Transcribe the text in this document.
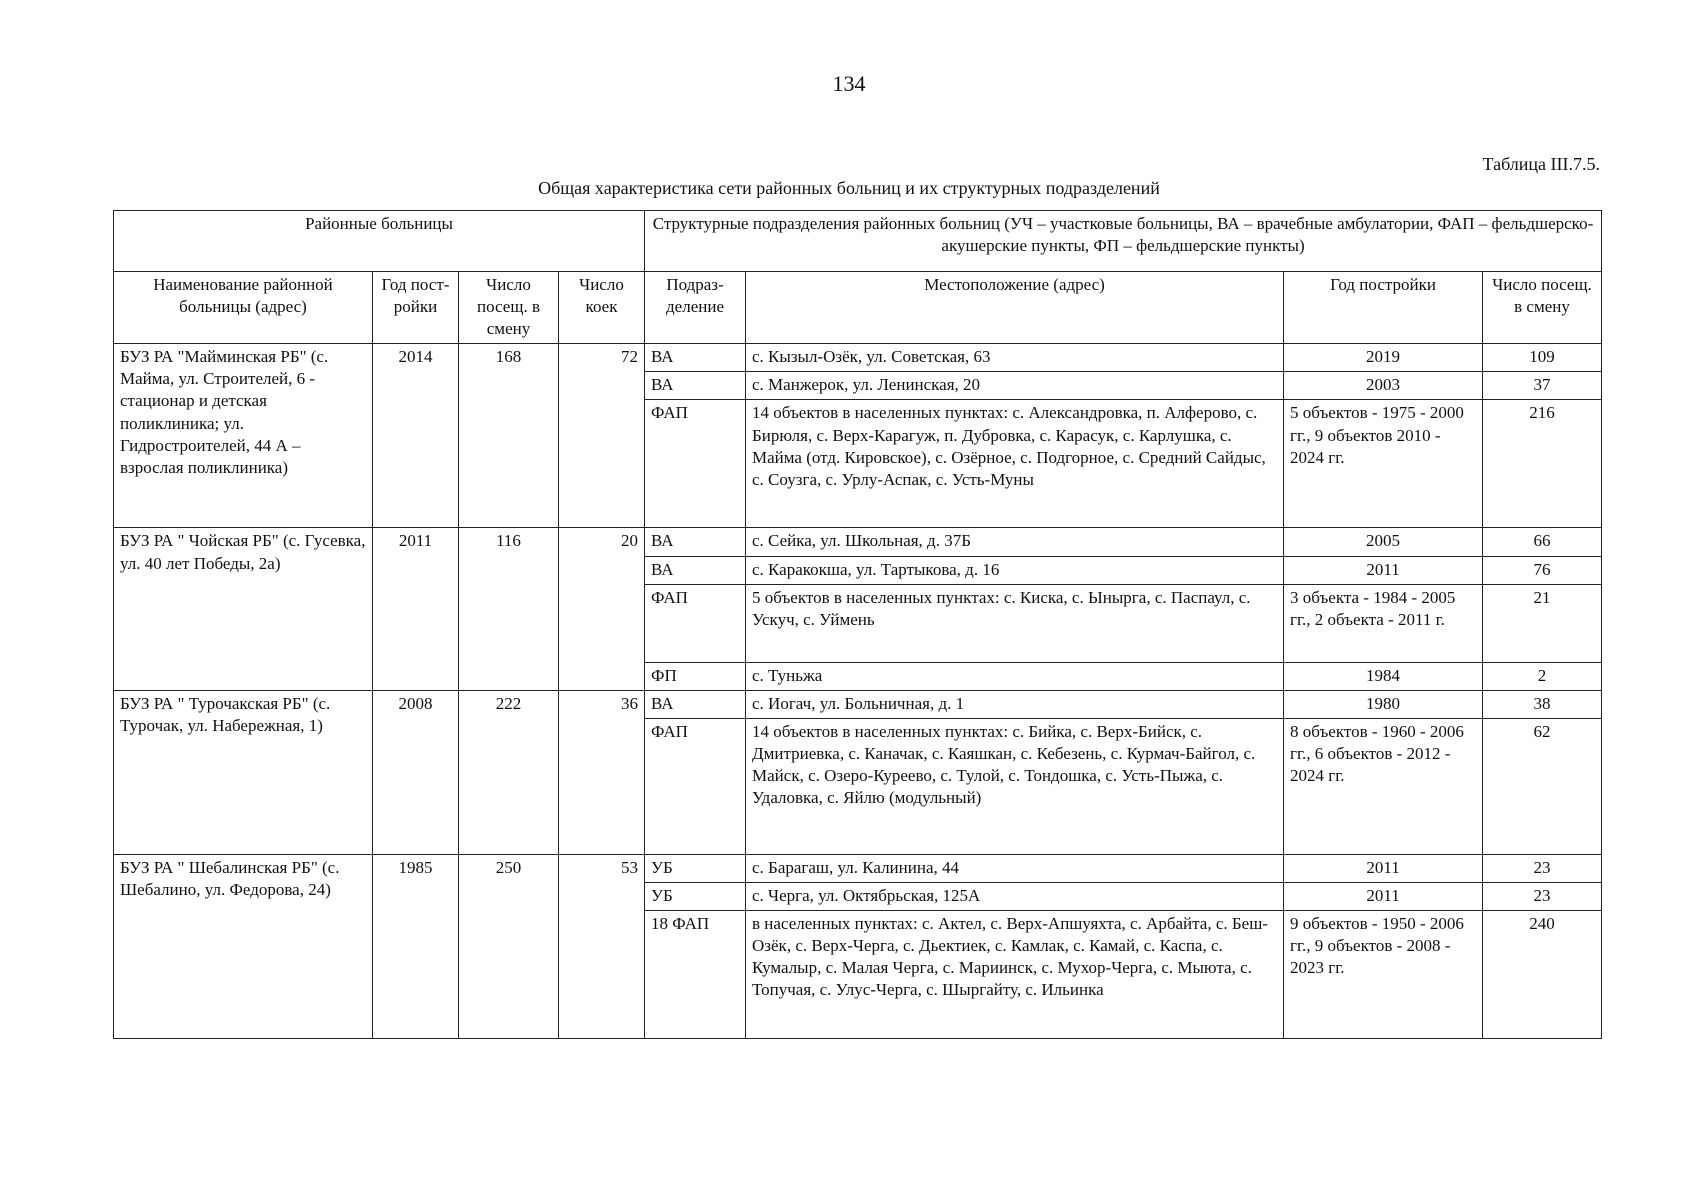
134
Таблица III.7.5.
Общая характеристика сети районных больниц и их структурных подразделений
Районные больницы				Структурные подразделения районных больниц (УЧ – участковые больницы, ВА – врачебные амбулатории, ФАП – фельдшерско-акушерские пункты, ФП – фельдшерские пункты)			
Наименование районной больницы (адрес)	Год пост-ройки	Число посещ. в смену	Число коек	Подраз-деление	Местоположение (адрес)	Год постройки	Число посещ. в смену
БУЗ РА "Майминская РБ" (с. Майма, ул. Строителей, 6 - стационар и детская поликлиника; ул. Гидростроителей, 44 А – взрослая поликлиника)	2014	168	72	ВА	с. Кызыл-Озёк, ул. Советская, 63	2019	109
				ВА	с. Манжерок, ул. Ленинская, 20	2003	37
				ФАП	14 объектов в населенных пунктах: с. Александровка, п. Алферово, с. Бирюля, с. Верх-Карагуж, п. Дубровка, с. Карасук, с. Карлушка, с. Майма (отд. Кировское), с. Озёрное, с. Подгорное, с. Средний Сайдыс, с. Соузга, с. Урлу-Аспак, с. Усть-Муны	5 объектов - 1975 - 2000 гг., 9 объектов 2010 - 2024 гг.	216
БУЗ РА " Чойская РБ" (с. Гусевка, ул. 40 лет Победы, 2а)	2011	116	20	ВА	с. Сейка, ул. Школьная, д. 37Б	2005	66
				ВА	с. Каракокша, ул. Тартыкова, д. 16	2011	76
				ФАП	5 объектов в населенных пунктах: с. Киска, с. Ынырга, с. Паспаул, с. Ускуч, с. Уймень	3 объекта - 1984 - 2005 гг., 2 объекта - 2011 г.	21
				ФП	с. Туньжа	1984	2
БУЗ РА " Турочакская РБ" (с. Турочак, ул. Набережная, 1)	2008	222	36	ВА	с. Иогач, ул. Больничная, д. 1	1980	38
				ФАП	14 объектов в населенных пунктах: с. Бийка, с. Верх-Бийск, с. Дмитриевка, с. Каначак, с. Каяшкан, с. Кебезень, с. Курмач-Байгол, с. Майск, с. Озеро-Куреево, с. Тулой, с. Тондошка, с. Усть-Пыжа, с. Удаловка, с. Яйлю (модульный)	8 объектов - 1960 - 2006 гг., 6 объектов - 2012 - 2024 гг.	62
БУЗ РА " Шебалинская РБ" (с. Шебалино, ул. Федорова, 24)	1985	250	53	УБ	с. Барагаш, ул. Калинина, 44	2011	23
				УБ	с. Черга, ул. Октябрьская, 125А	2011	23
				18 ФАП	в населенных пунктах: с. Актел, с. Верх-Апшуяхта, с. Арбайта, с. Беш-Озёк, с. Верх-Черга, с. Дьектиек, с. Камлак, с. Камай, с. Каспа, с. Кумалыр, с. Малая Черга, с. Мариинск, с. Мухор-Черга, с. Мыюта, с. Топучая, с. Улус-Черга, с. Шыргайту, с. Ильинка	9 объектов - 1950 - 2006 гг., 9 объектов - 2008 - 2023 гг.	240
